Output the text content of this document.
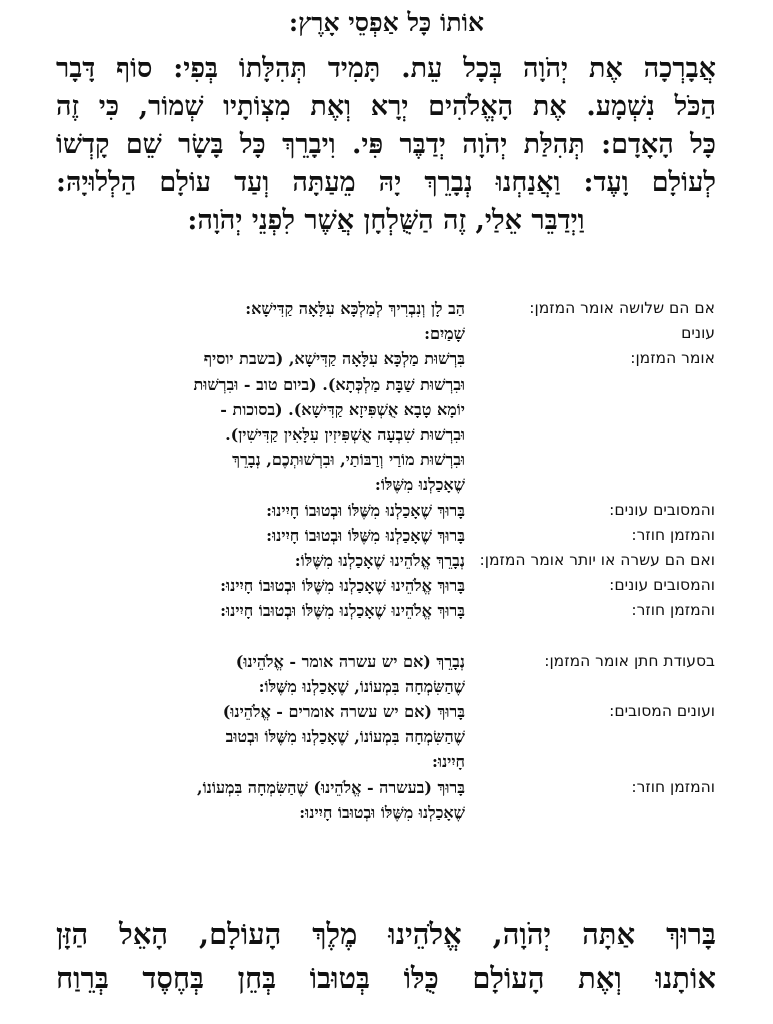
אוֹתוֹ כָּל אַפְסֵי אָרֶץ:
אֲבָרְכָה אֶת יְהֹוָה בְּכָל עֵת. תָּמִיד תְּהִלָּתוֹ בְּפִי: סוֹף דָּבָר
הַכֹּל נִשְׁמָע. אֶת הָאֱלֹהִים יְרָא וְאֶת מִצְוֹתָיו שְׁמוֹר, כִּי זֶה
כָּל הָאָדָם: תְּהִלַּת יְהֹוָה יְדַבֶּר פִּי. וִיבָרֵךְ כָּל בָּשָׂר שֵׁם קָדְשׁוֹ
לְעוֹלָם וָעֶד: וַאֲנַחְנוּ נְבָרֵךְ יָהּ מֵעַתָּה וְעַד עוֹלָם הַלְלוּיָהּ:
וַיְדַבֵּר אֵלַי, זֶה הַשֻּׁלְחָן אֲשֶׁר לִפְנֵי יְהֹוָה:
אם הם שלושה אומר המזמן:
הַב לָן וְנִבְרִיךְ לְמַלְכָּא עִלָּאָה קַדִּישָׁא:
עונים
שָׁמַיִם:
אומר המזמן:
בִּרְשׁוּת מַלְכָּא עִלָּאָה קַדִּישָׁא, (בשבת יוסיף
וּבִרְשׁוּת שַׁבָּת מַלְכְּתָא). (ביום טוב - וּבִרְשׁוּת
יוֹמָא טָבָא אֻשְׁפִּיזָא קַדִּישָׁא). (בסוכות -
וּבִרְשׁוּת שִׁבְעָה אֻשְׁפִּיזִין עִלָּאִין קַדִּישִׁין).
וּבִרְשׁוּת מוֹרַי וְרַבּוֹתַי, וּבִרְשׁוּתְכֶם, נְבָרֵךְ
שֶׁאָכַלְנוּ מִשֶּׁלּוֹ:
והמסובים עונים:
בָּרוּךְ שֶׁאָכַלְנוּ מִשֶּׁלּוֹ וּבְטוּבוֹ חָיִינוּ:
והמזמן חוזר:
בָּרוּךְ שֶׁאָכַלְנוּ מִשֶּׁלּוֹ וּבְטוּבוֹ חָיִינוּ:
ואם הם עשרה או יותר אומר המזמן:
נְבָרֵךְ אֱלֹהֵינוּ שֶׁאָכַלְנוּ מִשֶּׁלּוֹ:
והמסובים עונים:
בָּרוּךְ אֱלֹהֵינוּ שֶׁאָכַלְנוּ מִשֶּׁלּוֹ וּבְטוּבוֹ חָיִינוּ:
והמזמן חוזר:
בָּרוּךְ אֱלֹהֵינוּ שֶׁאָכַלְנוּ מִשֶּׁלּוֹ וּבְטוּבוֹ חָיִינוּ:
בסעודת חתן אומר המזמן:
נְבָרֵךְ (אם יש עשרה אומר - אֱלֹהֵינוּ)
שֶׁהַשִּׂמְחָה בִּמְעוֹנוֹ, שֶׁאָכַלְנוּ מִשֶּׁלּוֹ:
ועונים המסובים:
בָּרוּךְ (אם יש עשרה אומרים - אֱלֹהֵינוּ)
שֶׁהַשִּׂמְחָה בִּמְעוֹנוֹ, שֶׁאָכַלְנוּ מִשֶּׁלּוֹ וּבְטוּב
חָיִינוּ:
והמזמן חוזר:
בָּרוּךְ (בעשרה - אֱלֹהֵינוּ) שֶׁהַשִּׂמְחָה בִּמְעוֹנוֹ,
שֶׁאָכַלְנוּ מִשֶּׁלּוֹ וּבְטוּבוֹ חָיִינוּ:
בָּרוּךְ אַתָּה יְהֹוָה, אֱלֹהֵינוּ מֶלֶךְ הָעוֹלָם, הָאֵל הַזָּן
אוֹתָנוּ וְאֶת הָעוֹלָם כֻּלּוֹ בְּטוּבוֹ בְּחֵן בְּחֶסֶד בְּרֵוַח
